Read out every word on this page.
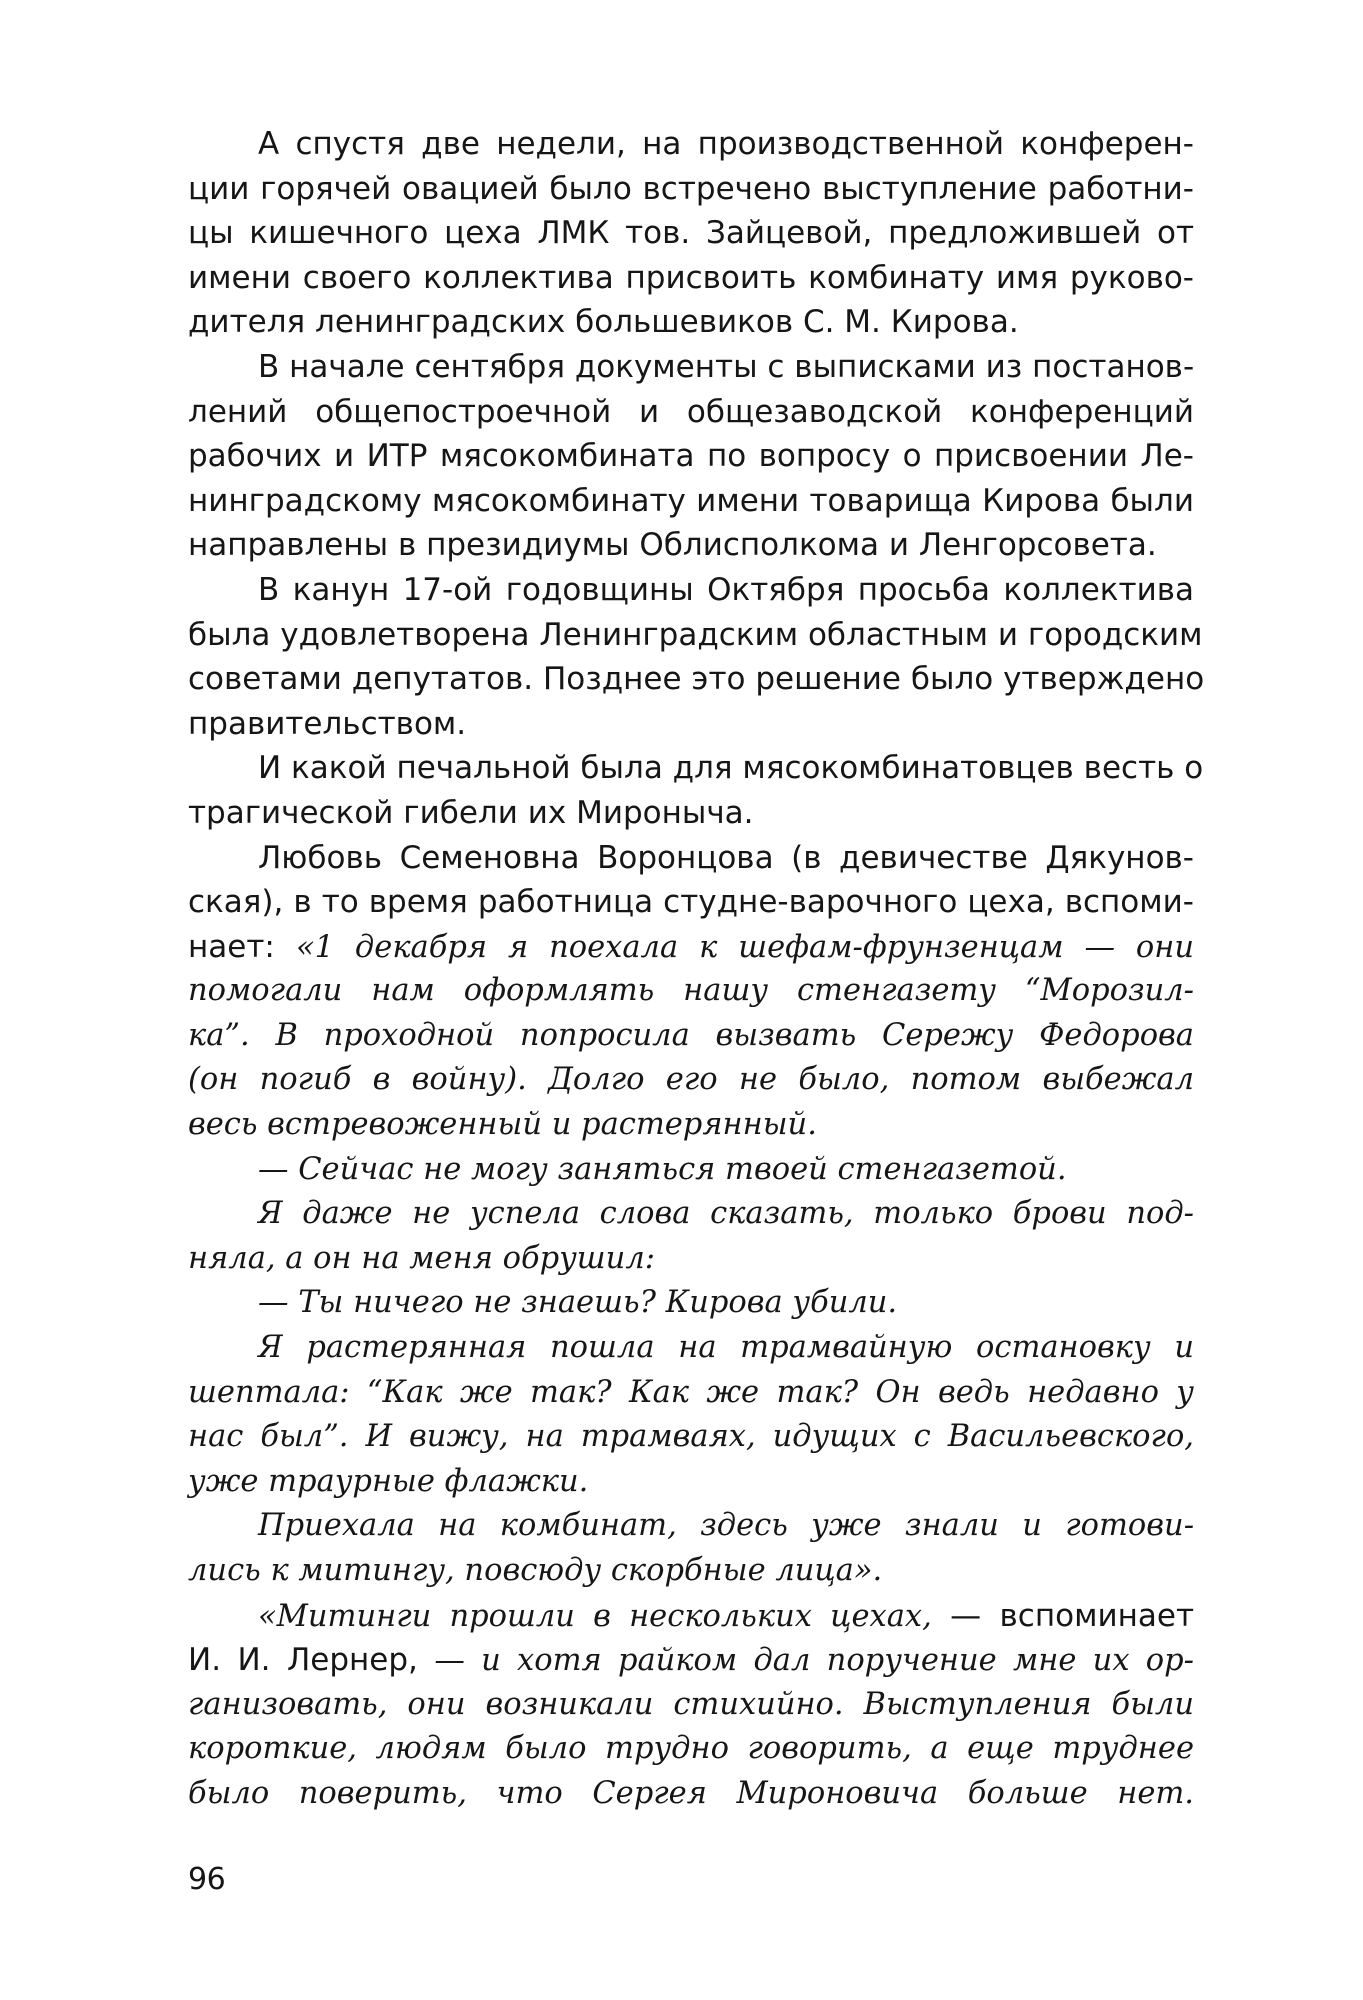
А спустя две недели, на производственной конферен-
ции горячей овацией было встречено выступление работни-
цы кишечного цеха ЛМК тов. Зайцевой, предложившей от
имени своего коллектива присвоить комбинату имя руково-
дителя ленинградских большевиков С. М. Кирова.
В начале сентября документы с выписками из постанов-
лений общепостроечной и общезаводской конференций
рабочих и ИТР мясокомбината по вопросу о присвоении Ле-
нинградскому мясокомбинату имени товарища Кирова были
направлены в президиумы Облисполкома и Ленгорсовета.
В канун 17-ой годовщины Октября просьба коллектива
была удовлетворена Ленинградским областным и городским
советами депутатов. Позднее это решение было утверждено
правительством.
И какой печальной была для мясокомбинатовцев весть о
трагической гибели их Мироныча.
Любовь Семеновна Воронцова (в девичестве Дякунов-
ская), в то время работница студне-варочного цеха, вспоми-
нает: «1 декабря я поехала к шефам-фрунзенцам — они
помогали нам оформлять нашу стенгазету “Морозил-
ка”. В проходной попросила вызвать Сережу Федорова
(он погиб в войну). Долго его не было, потом выбежал
весь встревоженный и растерянный.
— Сейчас не могу заняться твоей стенгазетой.
Я даже не успела слова сказать, только брови под-
няла, а он на меня обрушил:
— Ты ничего не знаешь? Кирова убили.
Я растерянная пошла на трамвайную остановку и
шептала: “Как же так? Как же так? Он ведь недавно у
нас был”. И вижу, на трамваях, идущих с Васильевского,
уже траурные флажки.
Приехала на комбинат, здесь уже знали и готови-
лись к митингу, повсюду скорбные лица».
«Митинги прошли в нескольких цехах, — вспоминает
И. И. Лернер, — и хотя райком дал поручение мне их ор-
ганизовать, они возникали стихийно. Выступления были
короткие, людям было трудно говорить, а еще труднее
было поверить, что Сергея Мироновича больше нет.
96
